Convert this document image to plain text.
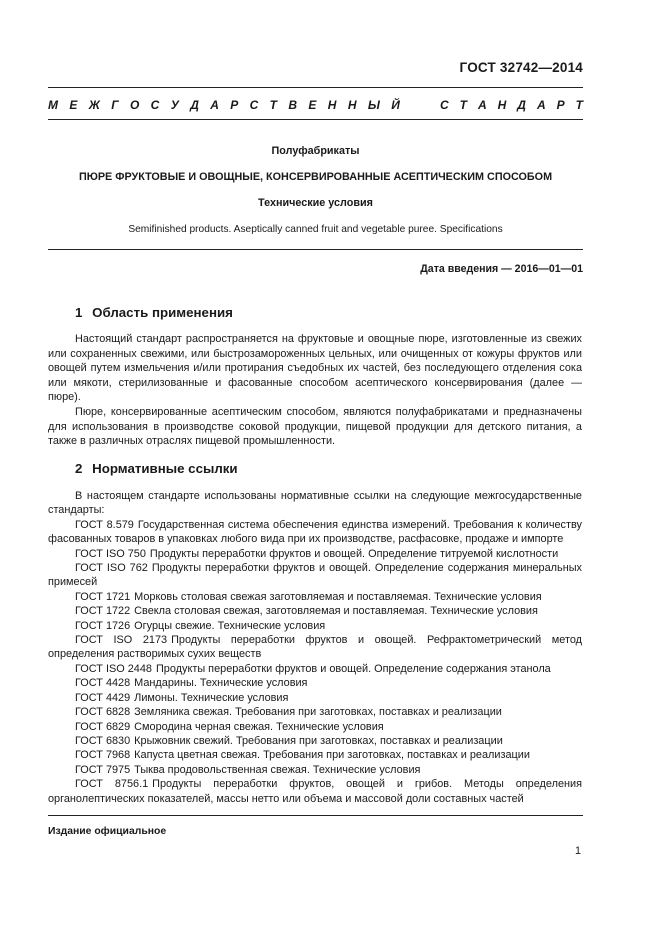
ГОСТ 32742—2014
М Е Ж Г О С У Д А Р С Т В Е Н Н Ы Й	С Т А Н Д А Р Т
Полуфабрикаты
ПЮРЕ ФРУКТОВЫЕ И ОВОЩНЫЕ, КОНСЕРВИРОВАННЫЕ АСЕПТИЧЕСКИМ СПОСОБОМ
Технические условия
Semifinished products. Aseptically canned fruit and vegetable puree. Specifications
Дата введения — 2016—01—01
1 Область применения

Настоящий стандарт распространяется на фруктовые и овощные пюре, изготовленные из свежих или сохраненных свежими, или быстрозамороженных цельных, или очищенных от кожуры фруктов или овощей путем измельчения и/или протирания съедобных их частей, без последующего отделения сока или мякоти, стерилизованные и фасованные способом асептического консервирования (далее — пюре).

Пюре, консервированные асептическим способом, являются полуфабрикатами и предназначены для использования в производстве соковой продукции, пищевой продукции для детского питания, а также в различных отраслях пищевой промышленности.

2 Нормативные ссылки

В настоящем стандарте использованы нормативные ссылки на следующие межгосударственные стандарты:

ГОСТ 8.579 Государственная система обеспечения единства измерений. Требования к количеству фасованных товаров в упаковках любого вида при их производстве, расфасовке, продаже и импорте

ГОСТ ISO 750 Продукты переработки фруктов и овощей. Определение титруемой кислотности

ГОСТ ISO 762 Продукты переработки фруктов и овощей. Определение содержания минеральных примесей

ГОСТ 1721 Морковь столовая свежая заготовляемая и поставляемая. Технические условия

ГОСТ 1722 Свекла столовая свежая, заготовляемая и поставляемая. Технические условия

ГОСТ 1726 Огурцы свежие. Технические условия

ГОСТ ISO 2173 Продукты переработки фруктов и овощей. Рефрактометрический метод определения растворимых сухих веществ

ГОСТ ISO 2448 Продукты переработки фруктов и овощей. Определение содержания этанола

ГОСТ 4428 Мандарины. Технические условия

ГОСТ 4429 Лимоны. Технические условия

ГОСТ 6828 Земляника свежая. Требования при заготовках, поставках и реализации

ГОСТ 6829 Смородина черная свежая. Технические условия

ГОСТ 6830 Крыжовник свежий. Требования при заготовках, поставках и реализации

ГОСТ 7968 Капуста цветная свежая. Требования при заготовках, поставках и реализации

ГОСТ 7975 Тыква продовольственная свежая. Технические условия

ГОСТ 8756.1 Продукты переработки фруктов, овощей и грибов. Методы определения органолептических показателей, массы нетто или объема и массовой доли составных частей

Издание официальное
1
